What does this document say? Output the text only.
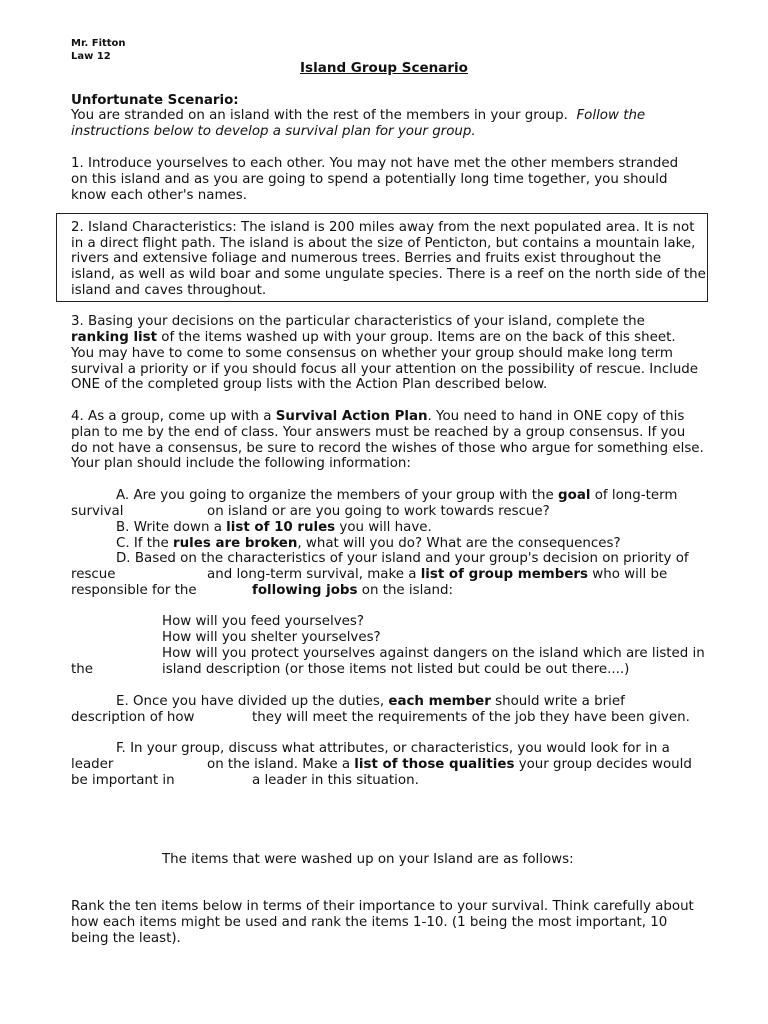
Mr. Fitton
Law 12
Island Group Scenario
Unfortunate Scenario:
You are stranded on an island with the rest of the members in your group. Follow the
instructions below to develop a survival plan for your group.
1. Introduce yourselves to each other. You may not have met the other members stranded
on this island and as you are going to spend a potentially long time together, you should
know each other's names.
2. Island Characteristics: The island is 200 miles away from the next populated area. It is not
in a direct flight path. The island is about the size of Penticton, but contains a mountain lake,
rivers and extensive foliage and numerous trees. Berries and fruits exist throughout the
island, as well as wild boar and some ungulate species. There is a reef on the north side of the
island and caves throughout.
3. Basing your decisions on the particular characteristics of your island, complete the
ranking list of the items washed up with your group. Items are on the back of this sheet.
You may have to come to some consensus on whether your group should make long term
survival a priority or if you should focus all your attention on the possibility of rescue. Include
ONE of the completed group lists with the Action Plan described below.
4. As a group, come up with a Survival Action Plan. You need to hand in ONE copy of this
plan to me by the end of class. Your answers must be reached by a group consensus. If you
do not have a consensus, be sure to record the wishes of those who argue for something else.
Your plan should include the following information:
A. Are you going to organize the members of your group with the goal of long-term
survival	on island or are you going to work towards rescue?
B. Write down a list of 10 rules you will have.
C. If the rules are broken, what will you do? What are the consequences?
D. Based on the characteristics of your island and your group's decision on priority of
rescue	and long-term survival, make a list of group members who will be
responsible for the	following jobs on the island:
How will you feed yourselves?
How will you shelter yourselves?
How will you protect yourselves against dangers on the island which are listed in
the	island description (or those items not listed but could be out there....)
E. Once you have divided up the duties, each member should write a brief
description of how	they will meet the requirements of the job they have been given.
F. In your group, discuss what attributes, or characteristics, you would look for in a
leader	on the island. Make a list of those qualities your group decides would
be important in	a leader in this situation.
The items that were washed up on your Island are as follows:
Rank the ten items below in terms of their importance to your survival. Think carefully about
how each items might be used and rank the items 1-10. (1 being the most important, 10
being the least).
